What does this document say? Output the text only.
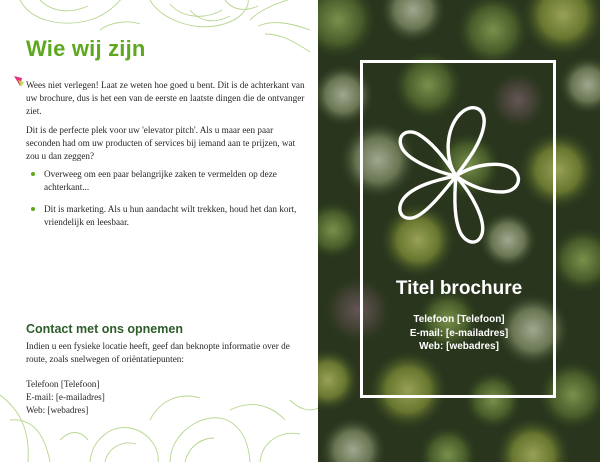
Wie wij zijn

Wees niet verlegen! Laat ze weten hoe goed u bent. Dit is de achterkant van uw brochure, dus is het een van de eerste en laatste dingen die de ontvanger ziet.

Dit is de perfecte plek voor uw 'elevator pitch'. Als u maar een paar seconden had om uw producten of services bij iemand aan te prijzen, wat zou u dan zeggen?

Overweeg om een paar belangrijke zaken te vermelden op deze achterkant...
Dit is marketing. Als u hun aandacht wilt trekken, houd het dan kort, vriendelijk en leesbaar.
Contact met ons opnemen

Indien u een fysieke locatie heeft, geef dan beknopte informatie over de route, zoals snelwegen of oriëntatiepunten:

Telefoon [Telefoon]
E-mail: [e-mailadres]
Web: [webadres]
Titel brochure
Telefoon [Telefoon]
E-mail: [e-mailadres]
Web: [webadres]
